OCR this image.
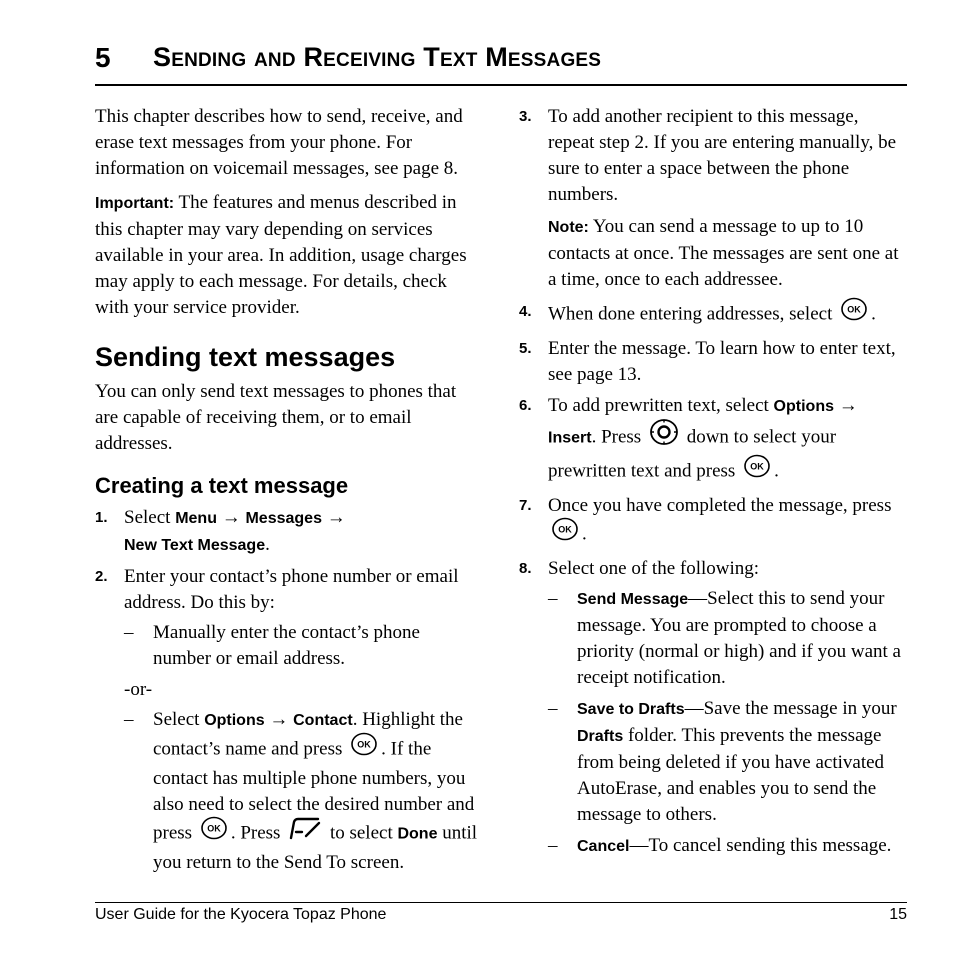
5 Sending and Receiving Text Messages

This chapter describes how to send, receive, and erase text messages from your phone. For information on voicemail messages, see page 8.

Important: The features and menus described in this chapter may vary depending on services available in your area. In addition, usage charges may apply to each message. For details, check with your service provider.

Sending text messages

You can only send text messages to phones that are capable of receiving them, or to email addresses.

Creating a text message
1. Select Menu → Messages →
New Text Message.
2. Enter your contact’s phone number or email address. Do this by:
– Manually enter the contact’s phone number or email address.
-or-
– Select Options → Contact. Highlight the contact’s name and press OK . If the contact has multiple phone numbers, you also need to select the desired number and press OK . Press  to select Done until you return to the Send To screen.
3. To add another recipient to this message, repeat step 2. If you are entering manually, be sure to enter a space between the phone numbers.

Note: You can send a message to up to 10 contacts at once. The messages are sent one at a time, once to each addressee.

4. When done entering addresses, select OK .
5. Enter the message. To learn how to enter text, see page 13.
6. To add prewritten text, select Options →
Insert. Press  down to select your prewritten text and press OK .
7. Once you have completed the message, press
OK .
8. Select one of the following:
– Send Message—Select this to send your message. You are prompted to choose a priority (normal or high) and if you want a receipt notification.
– Save to Drafts—Save the message in your Drafts folder. This prevents the message from being deleted if you have activated AutoErase, and enables you to send the message to others.
– Cancel—To cancel sending this message.
User Guide for the Kyocera Topaz Phone	15
